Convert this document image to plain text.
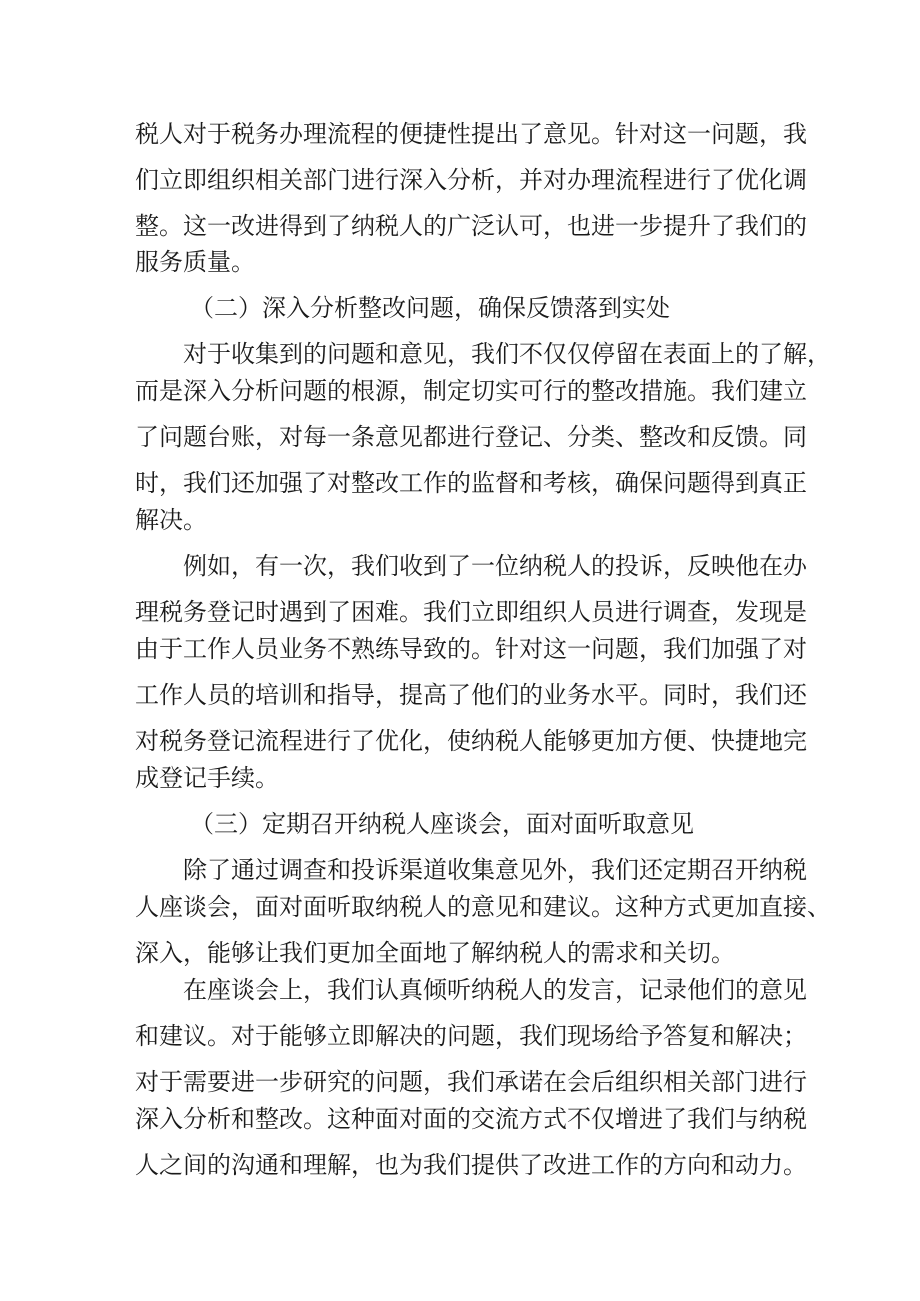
税人对于税务办理流程的便捷性提出了意见。针对这一问题，我
们立即组织相关部门进行深入分析，并对办理流程进行了优化调
整。这一改进得到了纳税人的广泛认可，也进一步提升了我们的
服务质量。
（二）深入分析整改问题，确保反馈落到实处
对于收集到的问题和意见，我们不仅仅停留在表面上的了解，
而是深入分析问题的根源，制定切实可行的整改措施。我们建立
了问题台账，对每一条意见都进行登记、分类、整改和反馈。同
时，我们还加强了对整改工作的监督和考核，确保问题得到真正
解决。
例如，有一次，我们收到了一位纳税人的投诉，反映他在办
理税务登记时遇到了困难。我们立即组织人员进行调查，发现是
由于工作人员业务不熟练导致的。针对这一问题，我们加强了对
工作人员的培训和指导，提高了他们的业务水平。同时，我们还
对税务登记流程进行了优化，使纳税人能够更加方便、快捷地完
成登记手续。
（三）定期召开纳税人座谈会，面对面听取意见
除了通过调查和投诉渠道收集意见外，我们还定期召开纳税
人座谈会，面对面听取纳税人的意见和建议。这种方式更加直接、
深入，能够让我们更加全面地了解纳税人的需求和关切。
在座谈会上，我们认真倾听纳税人的发言，记录他们的意见
和建议。对于能够立即解决的问题，我们现场给予答复和解决；
对于需要进一步研究的问题，我们承诺在会后组织相关部门进行
深入分析和整改。这种面对面的交流方式不仅增进了我们与纳税
人之间的沟通和理解，也为我们提供了改进工作的方向和动力。
